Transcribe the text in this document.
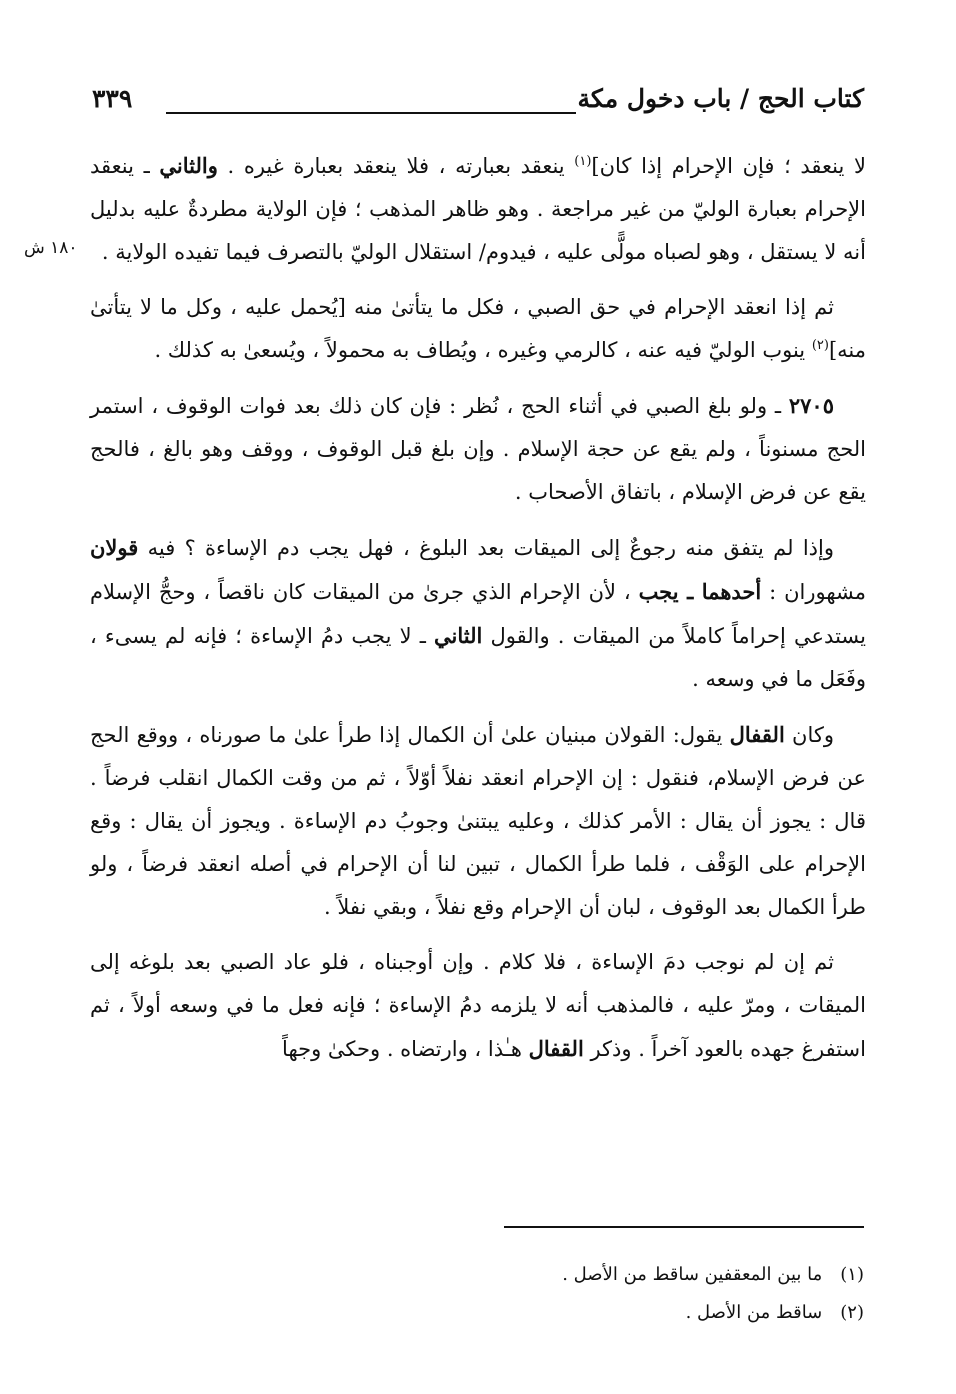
كتاب الحج / باب دخول مكة
٣٣٩
١٨٠ ش

لا ينعقد ؛ فإن الإحرام إذا كان]$^{(١)}$ ينعقد بعبارته ، فلا ينعقد بعبارة غيره . والثاني ـ ينعقد الإحرام بعبارة الوليّ من غير مراجعة . وهو ظاهر المذهب ؛ فإن الولاية مطردةٌ عليه بدليل أنه لا يستقل ، وهو لصباه مولًّى عليه ، فيدوم/ استقلال الوليّ بالتصرف فيما تفيده الولاية .

ثم إذا انعقد الإحرام في حق الصبي ، فكل ما يتأتىٰ منه [يُحمل عليه ، وكل ما لا يتأتىٰ منه]$^{(٢)}$ ينوب الوليّ فيه عنه ، كالرمي وغيره ، ويُطاف به محمولاً ، ويُسعىٰ به كذلك .

٢٧٠٥ ـ ولو بلغ الصبي في أثناء الحج ، نُظر : فإن كان ذلك بعد فوات الوقوف ، استمر الحج مسنوناً ، ولم يقع عن حجة الإسلام . وإن بلغ قبل الوقوف ، ووقف وهو بالغ ، فالحج يقع عن فرض الإسلام ، باتفاق الأصحاب .

وإذا لم يتفق منه رجوعٌ إلى الميقات بعد البلوغ ، فهل يجب دم الإساءة ؟ فيه قولان مشهوران : أحدهما ـ يجب ، لأن الإحرام الذي جرىٰ من الميقات كان ناقصاً ، وحجُّ الإسلام يستدعي إحراماً كاملاً من الميقات . والقول الثاني ـ لا يجب دمُ الإساءة ؛ فإنه لم يسىء ، وفَعَل ما في وسعه .

وكان القفال يقول: القولان مبنيان علىٰ أن الكمال إذا طرأ علىٰ ما صورناه ، ووقع الحج عن فرض الإسلام، فنقول : إن الإحرام انعقد نفلاً أوّلاً ، ثم من وقت الكمال انقلب فرضاً . قال : يجوز أن يقال : الأمر كذلك ، وعليه يبتنىٰ وجوبُ دم الإساءة . ويجوز أن يقال : وقع الإحرام على الوَقْف ، فلما طرأ الكمال ، تبين لنا أن الإحرام في أصله انعقد فرضاً ، ولو طرأ الكمال بعد الوقوف ، لبان أن الإحرام وقع نفلاً ، وبقي نفلاً .

ثم إن لم نوجب دمَ الإساءة ، فلا كلام . وإن أوجبناه ، فلو عاد الصبي بعد بلوغه إلى الميقات ، ومرّ عليه ، فالمذهب أنه لا يلزمه دمُ الإساءة ؛ فإنه فعل ما في وسعه أولاً ، ثم استفرغ جهده بالعود آخراً . وذكر القفال هـٰذا ، وارتضاه . وحكىٰ وجهاً

(١)ما بين المعقفين ساقط من الأصل .
(٢)ساقط من الأصل .
